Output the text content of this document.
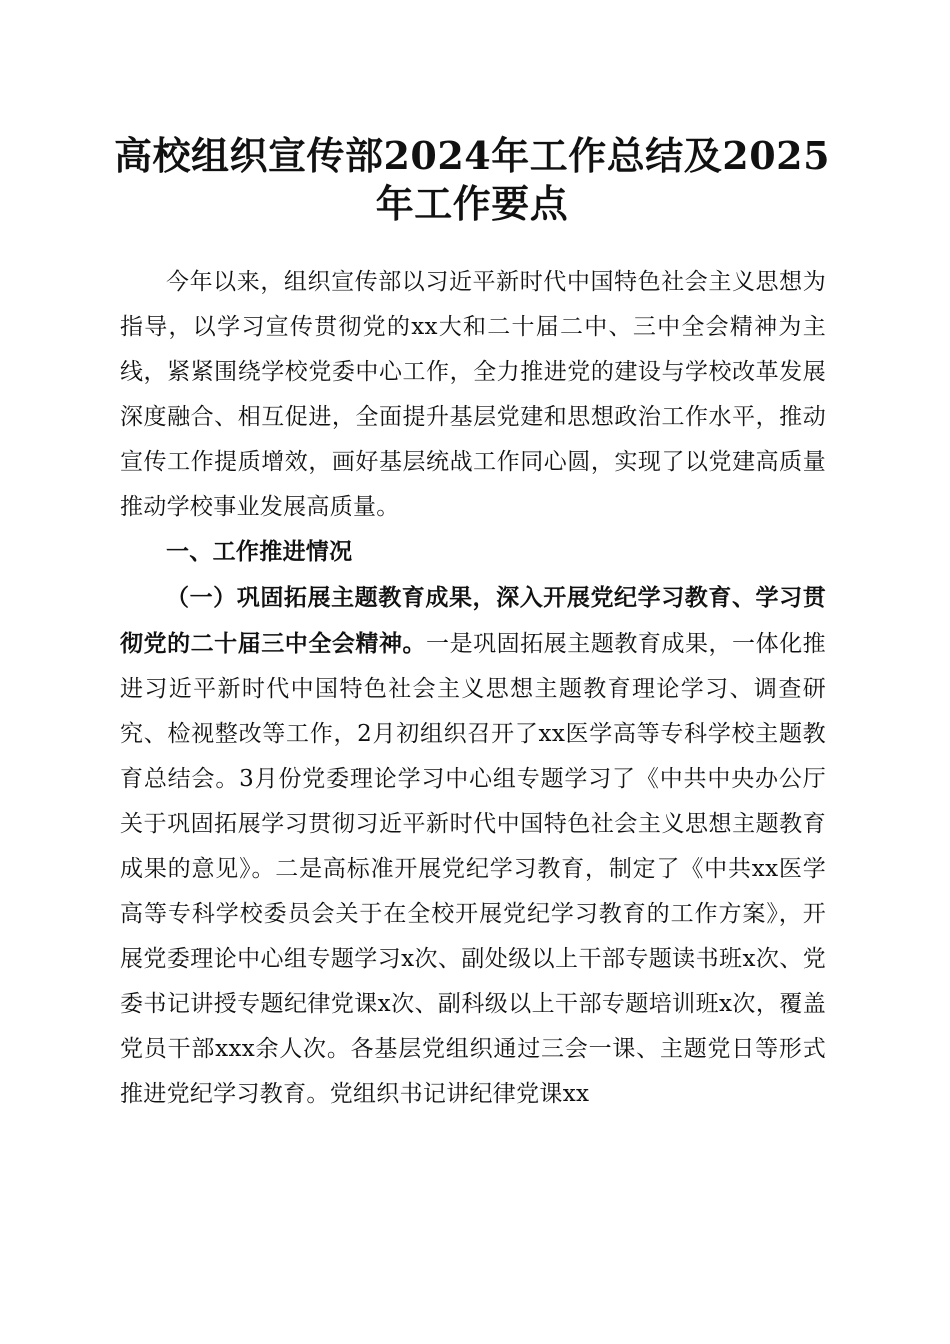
高校组织宣传部2024年工作总结及2025年工作要点

今年以来，组织宣传部以习近平新时代中国特色社会主义思想为指导，以学习宣传贯彻党的xx大和二十届二中、三中全会精神为主线，紧紧围绕学校党委中心工作，全力推进党的建设与学校改革发展深度融合、相互促进，全面提升基层党建和思想政治工作水平，推动宣传工作提质增效，画好基层统战工作同心圆，实现了以党建高质量推动学校事业发展高质量。

一、工作推进情况

（一）巩固拓展主题教育成果，深入开展党纪学习教育、学习贯彻党的二十届三中全会精神。一是巩固拓展主题教育成果，一体化推进习近平新时代中国特色社会主义思想主题教育理论学习、调查研究、检视整改等工作，2月初组织召开了xx医学高等专科学校主题教育总结会。3月份党委理论学习中心组专题学习了《中共中央办公厅关于巩固拓展学习贯彻习近平新时代中国特色社会主义思想主题教育成果的意见》。二是高标准开展党纪学习教育，制定了《中共xx医学高等专科学校委员会关于在全校开展党纪学习教育的工作方案》，开展党委理论中心组专题学习x次、副处级以上干部专题读书班x次、党委书记讲授专题纪律党课x次、副科级以上干部专题培训班x次，覆盖党员干部xxx余人次。各基层党组织通过三会一课、主题党日等形式推进党纪学习教育。党组织书记讲纪律党课xx
